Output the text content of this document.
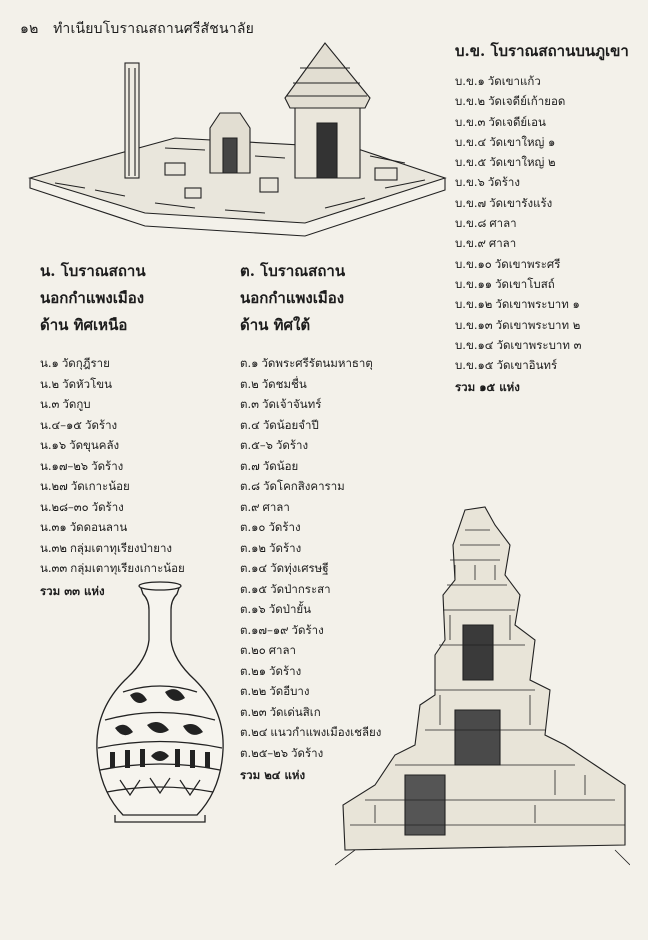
๑๒ ทำเนียบโบราณสถานศรีสัชนาลัย
น. โบราณสถาน
นอกกำแพงเมือง
ด้าน ทิศเหนือ
น.๑ วัดกุฎีราย
น.๒ วัดหัวโขน
น.๓ วัดกูบ
น.๔–๑๕ วัดร้าง
น.๑๖ วัดขุนคลัง
น.๑๗–๒๖ วัดร้าง
น.๒๗ วัดเกาะน้อย
น.๒๘–๓๐ วัดร้าง
น.๓๑ วัดดอนลาน
น.๓๒ กลุ่มเตาทุเรียงป่ายาง
น.๓๓ กลุ่มเตาทุเรียงเกาะน้อย
รวม ๓๓ แห่ง
ต. โบราณสถาน
นอกกำแพงเมือง
ด้าน ทิศใต้
ต.๑ วัดพระศรีรัตนมหาธาตุ
ต.๒ วัดชมชื่น
ต.๓ วัดเจ้าจันทร์
ต.๔ วัดน้อยจำปี
ต.๕–๖ วัดร้าง
ต.๗ วัดน้อย
ต.๘ วัดโคกสิงคาราม
ต.๙ ศาลา
ต.๑๐ วัดร้าง
ต.๑๒ วัดร้าง
ต.๑๔ วัดทุ่งเศรษฐี
ต.๑๕ วัดป่ากระสา
ต.๑๖ วัดป่ายั้น
ต.๑๗–๑๙ วัดร้าง
ต.๒๐ ศาลา
ต.๒๑ วัดร้าง
ต.๒๒ วัดอีบาง
ต.๒๓ วัดเด่นสิเก
ต.๒๔ แนวกำแพงเมืองเชลียง
ต.๒๕–๒๖ วัดร้าง
รวม ๒๔ แห่ง
บ.ข. โบราณสถานบนภูเขา
บ.ข.๑ วัดเขาแก้ว
บ.ข.๒ วัดเจดีย์เก้ายอด
บ.ข.๓ วัดเจดีย์เอน
บ.ข.๔ วัดเขาใหญ่ ๑
บ.ข.๕ วัดเขาใหญ่ ๒
บ.ข.๖ วัดร้าง
บ.ข.๗ วัดเขารังแร้ง
บ.ข.๘ ศาลา
บ.ข.๙ ศาลา
บ.ข.๑๐ วัดเขาพระศรี
บ.ข.๑๑ วัดเขาโบสถ์
บ.ข.๑๒ วัดเขาพระบาท ๑
บ.ข.๑๓ วัดเขาพระบาท ๒
บ.ข.๑๔ วัดเขาพระบาท ๓
บ.ข.๑๕ วัดเขาอินทร์
รวม ๑๕ แห่ง
